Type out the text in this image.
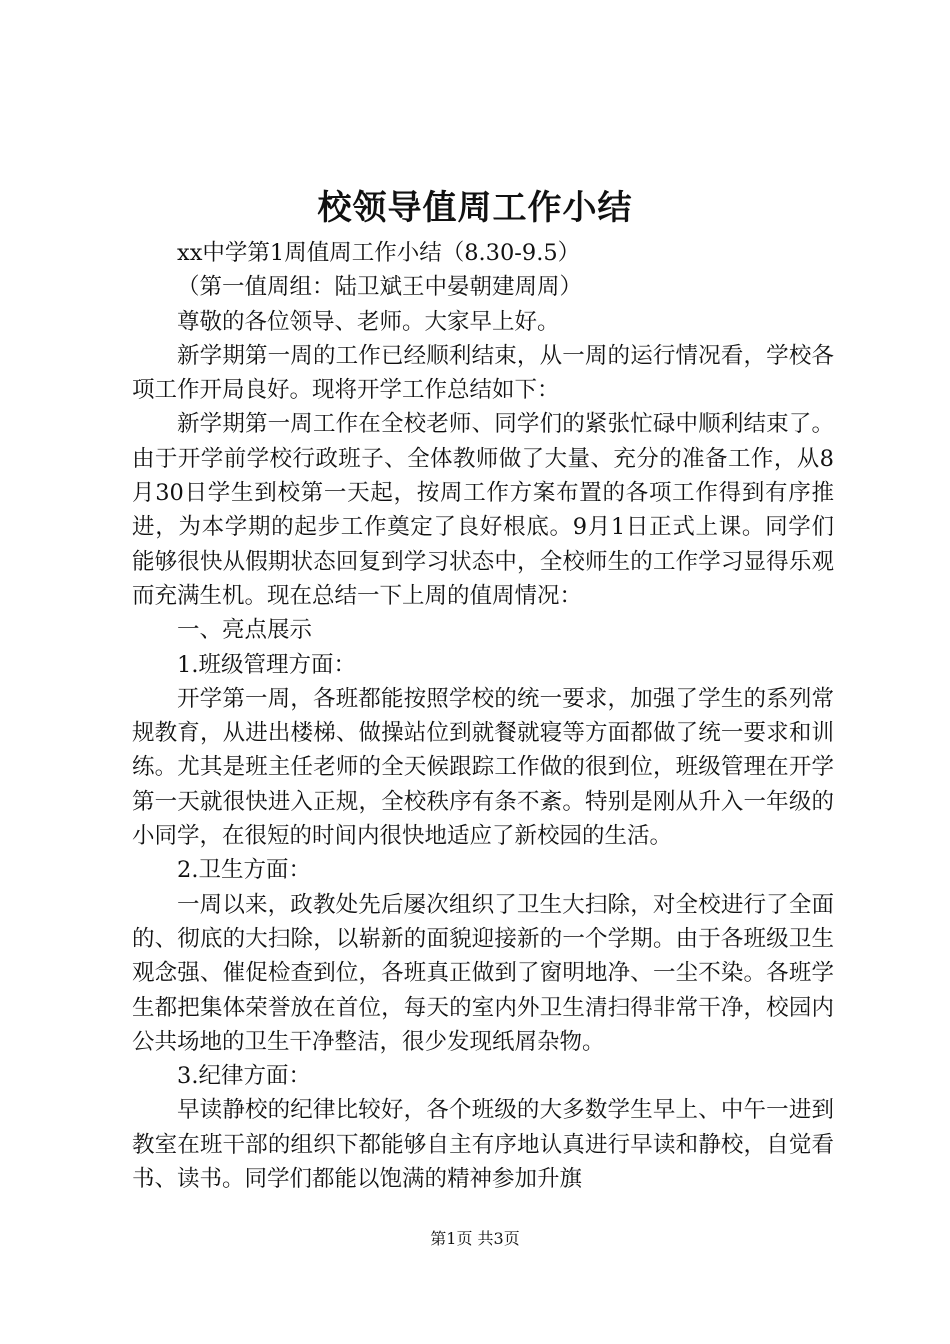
校领导值周工作小结

xx中学第1周值周工作小结（8.30-9.5）

（第一值周组：陆卫斌王中晏朝建周周）

尊敬的各位领导、老师。大家早上好。

新学期第一周的工作已经顺利结束，从一周的运行情况看，学校各项工作开局良好。现将开学工作总结如下：

新学期第一周工作在全校老师、同学们的紧张忙碌中顺利结束了。由于开学前学校行政班子、全体教师做了大量、充分的准备工作，从8月30日学生到校第一天起，按周工作方案布置的各项工作得到有序推进，为本学期的起步工作奠定了良好根底。9月1日正式上课。同学们能够很快从假期状态回复到学习状态中，全校师生的工作学习显得乐观而充满生机。现在总结一下上周的值周情况：

一、亮点展示

1.班级管理方面：

开学第一周，各班都能按照学校的统一要求，加强了学生的系列常规教育，从进出楼梯、做操站位到就餐就寝等方面都做了统一要求和训练。尤其是班主任老师的全天候跟踪工作做的很到位，班级管理在开学第一天就很快进入正规，全校秩序有条不紊。特别是刚从升入一年级的小同学，在很短的时间内很快地适应了新校园的生活。

2.卫生方面：

一周以来，政教处先后屡次组织了卫生大扫除，对全校进行了全面的、彻底的大扫除，以崭新的面貌迎接新的一个学期。由于各班级卫生观念强、催促检查到位，各班真正做到了窗明地净、一尘不染。各班学生都把集体荣誉放在首位，每天的室内外卫生清扫得非常干净，校园内公共场地的卫生干净整洁，很少发现纸屑杂物。

3.纪律方面：

早读静校的纪律比较好，各个班级的大多数学生早上、中午一进到教室在班干部的组织下都能够自主有序地认真进行早读和静校，自觉看书、读书。同学们都能以饱满的精神参加升旗

第1页 共3页
